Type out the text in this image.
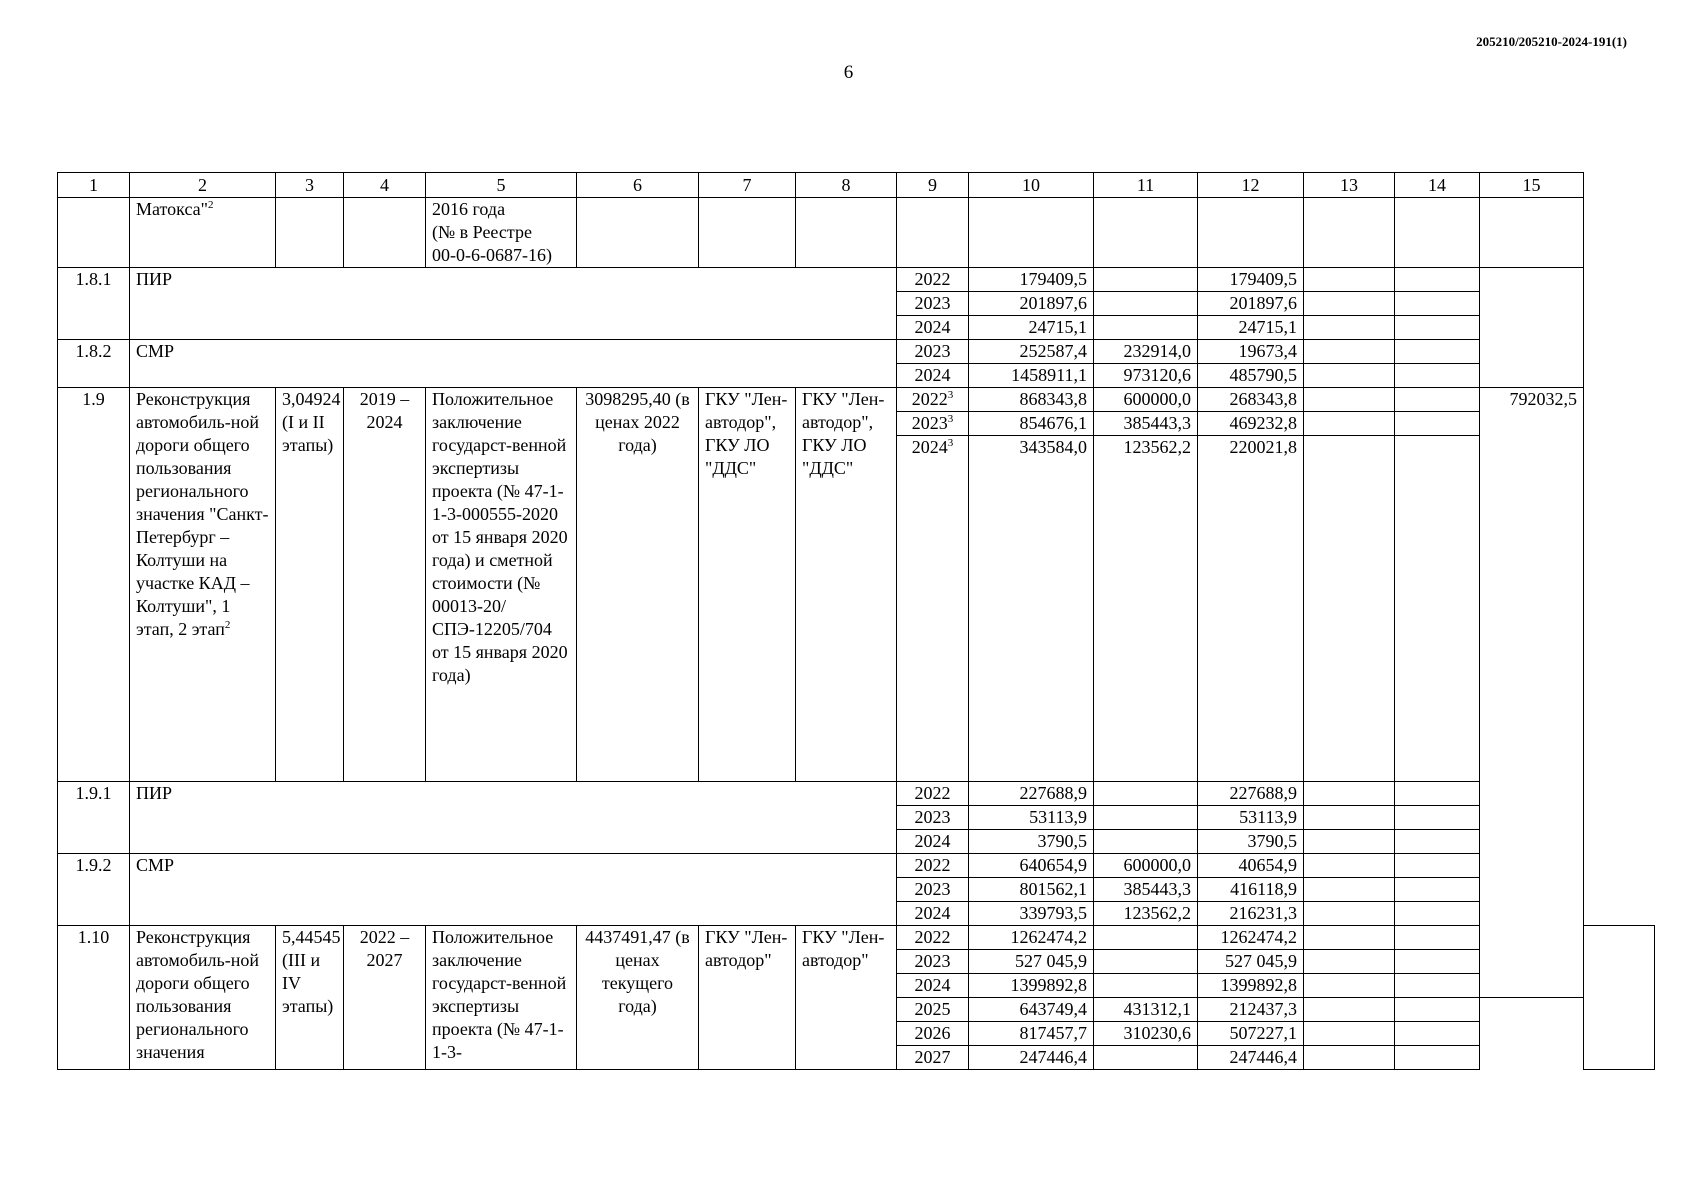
205210/205210-2024-191(1)
6
1	2	3	4	5	6	7	8	9	10	11	12	13	14	15	
	Матокса"$^2$			2016 года
(№ в Реестре
00-0-6-0687-16)											
1.8.1	ПИР							2022	179409,5		179409,5				
								2023	201897,6		201897,6				
								2024	24715,1		24715,1				
1.8.2	СМР							2023	252587,4	232914,0	19673,4				
								2024	1458911,1	973120,6	485790,5				
1.9	Реконструкция автомобиль-ной дороги общего пользования регионального значения "Санкт-Петербург – Колтуши на участке КАД – Колтуши", 1 этап, 2 этап$^2$	3,04924 (I и II этапы)	2019 – 2024	Положительное заключение государст-венной экспертизы проекта (№ 47-1-1-3-000555-2020 от 15 января 2020 года) и сметной стоимости (№ 00013-20/СПЭ-12205/704 от 15 января 2020 года)	3098295,40 (в ценах 2022 года)	ГКУ "Лен-автодор", ГКУ ЛО "ДДС"	ГКУ "Лен-автодор", ГКУ ЛО "ДДС"	2022$^3$	868343,8	600000,0	268343,8			792032,5	
								2023$^3$	854676,1	385443,3	469232,8				
								2024$^3$	343584,0	123562,2	220021,8				
1.9.1	ПИР							2022	227688,9		227688,9				
								2023	53113,9		53113,9				
								2024	3790,5		3790,5				
1.9.2	СМР							2022	640654,9	600000,0	40654,9				
								2023	801562,1	385443,3	416118,9				
								2024	339793,5	123562,2	216231,3				
1.10	Реконструкция автомобиль-ной дороги общего пользования регионального значения	5,44545 (III и IV этапы)	2022 – 2027	Положительное заключение государст-венной экспертизы проекта (№ 47-1-1-3-	4437491,47 (в ценах текущего года)	ГКУ "Лен-автодор"	ГКУ "Лен-автодор"	2022	1262474,2		1262474,2				
								2023	527 045,9		527 045,9				
								2024	1399892,8		1399892,8				
								2025	643749,4	431312,1	212437,3				
								2026	817457,7	310230,6	507227,1				
								2027	247446,4		247446,4				
